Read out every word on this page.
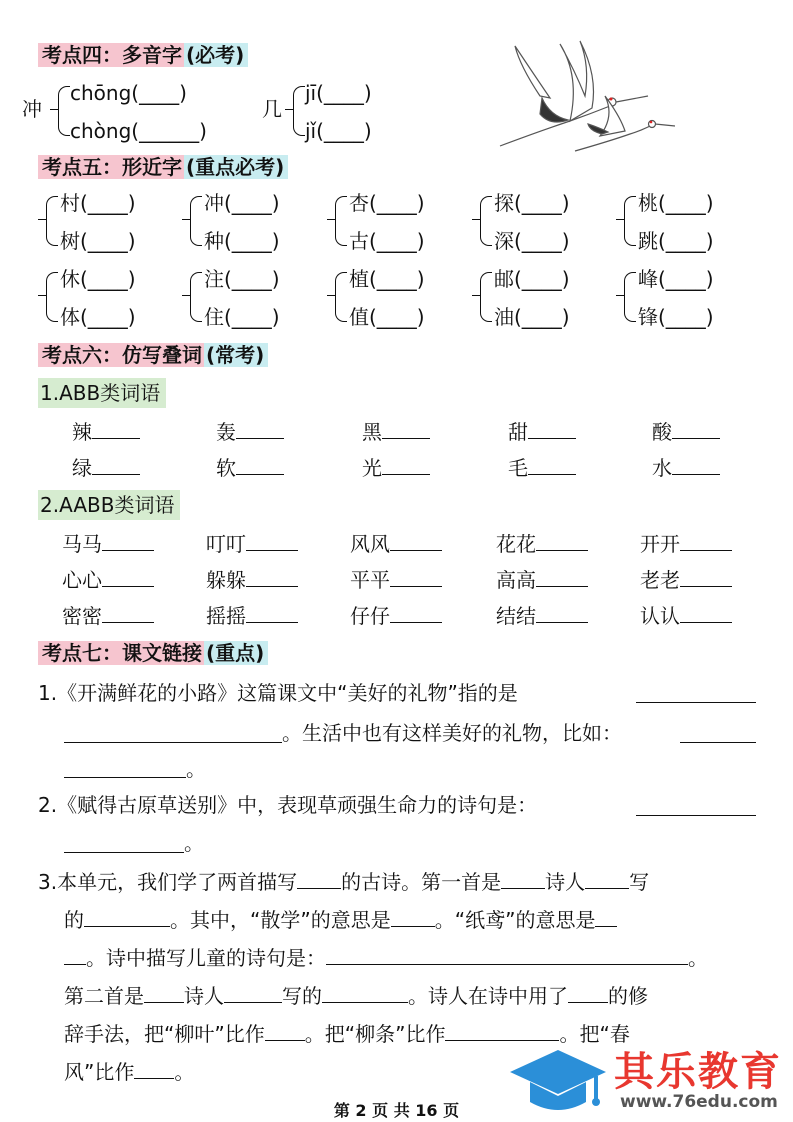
考点四：多音字 (必考)
冲
chōng(____)
chòng(______)
几
jī(____)
jǐ(____)
考点五：形近字 (重点必考)
村(____)
树(____)
冲(____)
种(____)
杏(____)
古(____)
探(____)
深(____)
桃(____)
跳(____)
休(____)
体(____)
注(____)
住(____)
植(____)
值(____)
邮(____)
油(____)
峰(____)
锋(____)
考点六：仿写叠词 (常考)
1.ABB类词语
辣	轰	黑	甜	酸
绿	软	光	毛	水
2.AABB类词语
马马	叮叮	风风	花花	开开
心心	躲躲	平平	高高	老老
密密	摇摇	仔仔	结结	认认
考点七：课文链接 (重点)
1.《开满鲜花的小路》这篇课文中“美好的礼物”指的是
。生活中也有这样美好的礼物，比如：
。
2.《赋得古原草送别》中，表现草顽强生命力的诗句是：
。
3.本单元，我们学了两首描写 的古诗。第一首是 诗人 写
的	。其中，“散学”的意思是 。“纸鸢”的意思是
。诗中描写儿童的诗句是：	。
第二首是 诗人	写的	。诗人在诗中用了 的修
辞手法，把“柳叶”比作 。把“柳条”比作	。把“春
风”比作 。
第 2 页 共 16 页
其乐教育
www.76edu.com
